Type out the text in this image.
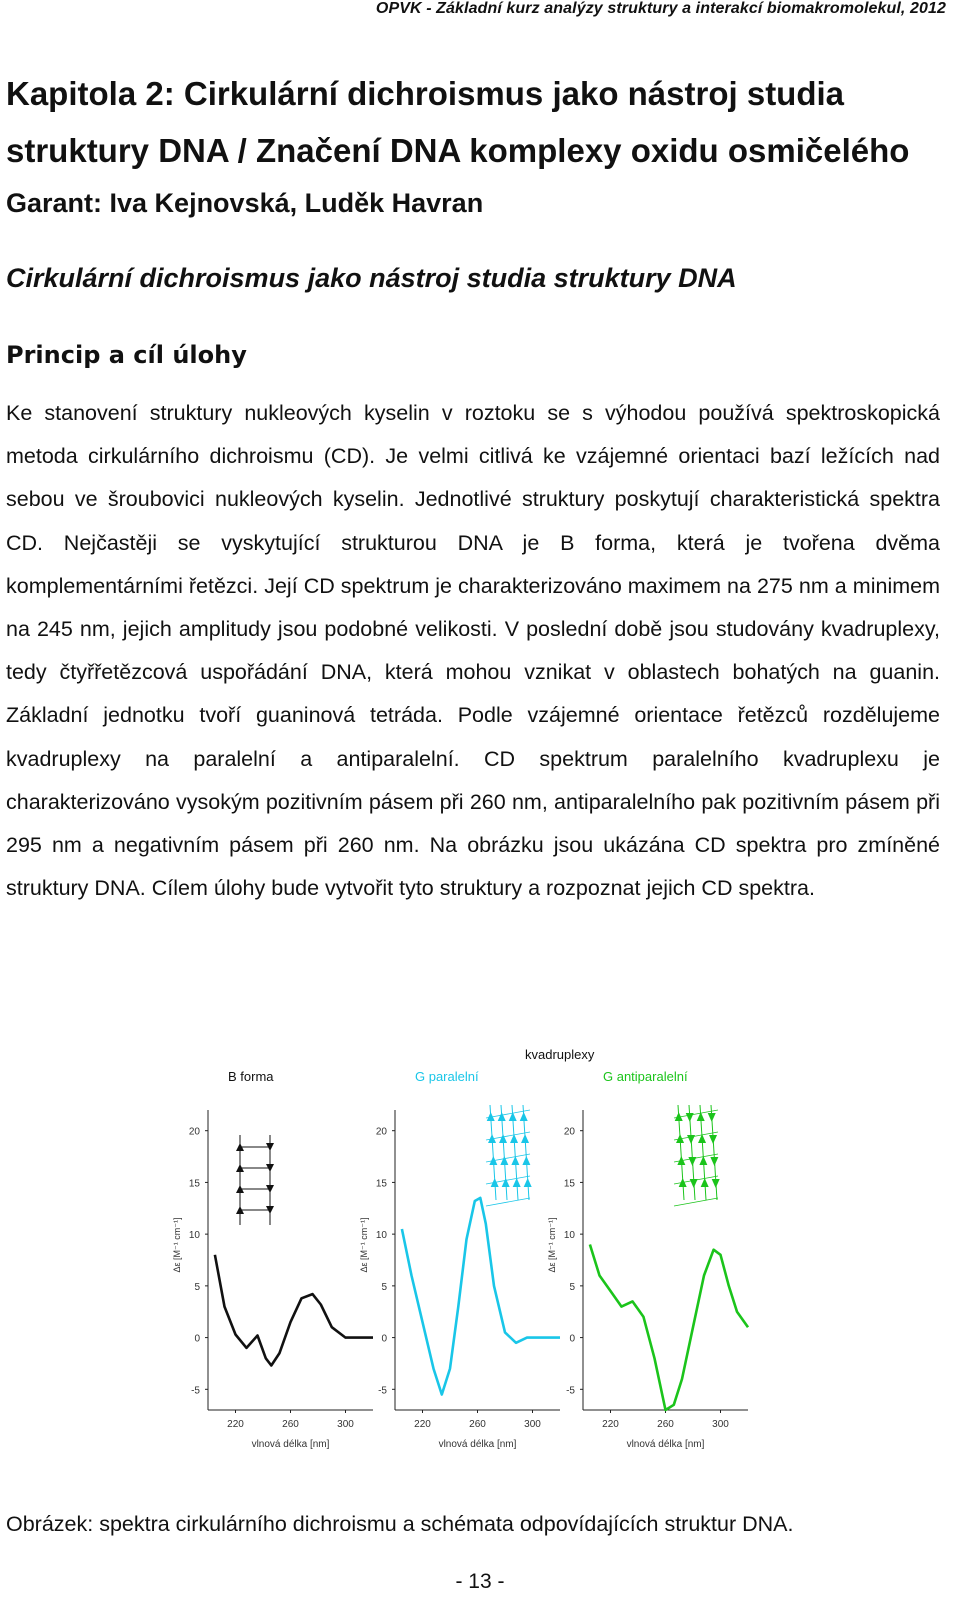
OPVK - Základní kurz analýzy struktury a interakcí biomakromolekul, 2012
Kapitola 2: Cirkulární dichroismus jako nástroj studia struktury DNA / Značení DNA komplexy oxidu osmičelého
Garant: Iva Kejnovská, Luděk Havran
Cirkulární dichroismus jako nástroj studia struktury DNA
Princip a cíl úlohy
Ke stanovení struktury nukleových kyselin v roztoku se s výhodou používá spektroskopická metoda cirkulárního dichroismu (CD). Je velmi citlivá ke vzájemné orientaci bazí ležících nad sebou ve šroubovici nukleových kyselin. Jednotlivé struktury poskytují charakteristická spektra CD. Nejčastěji se vyskytující strukturou DNA je B forma, která je tvořena dvěma komplementárními řetězci. Její CD spektrum je charakterizováno maximem na 275 nm a minimem na 245 nm, jejich amplitudy jsou podobné velikosti. V poslední době jsou studovány kvadruplexy, tedy čtyřřetězcová uspořádání DNA, která mohou vznikat v oblastech bohatých na guanin. Základní jednotku tvoří guaninová tetráda. Podle vzájemné orientace řetězců rozdělujeme kvadruplexy na paralelní a antiparalelní. CD spektrum paralelního kvadruplexu je charakterizováno vysokým pozitivním pásem při 260 nm, antiparalelního pak pozitivním pásem při 295 nm a negativním pásem při 260 nm. Na obrázku jsou ukázána CD spektra pro zmíněné struktury DNA. Cílem úlohy bude vytvořit tyto struktury a rozpoznat jejich CD spektra.
kvadruplexy
B forma
-5
0
5
10
15
20
220	260	300
vlnová délka [nm]
Δε [M⁻¹ cm⁻¹]
G paralelní
-5
0
5
10
15
20
220	260	300
vlnová délka [nm]
Δε [M⁻¹ cm⁻¹]
G antiparalelní
-5
0
5
10
15
20
220	260	300
vlnová délka [nm]
Δε [M⁻¹ cm⁻¹]
Obrázek: spektra cirkulárního dichroismu a schémata odpovídajících struktur DNA.
- 13 -
